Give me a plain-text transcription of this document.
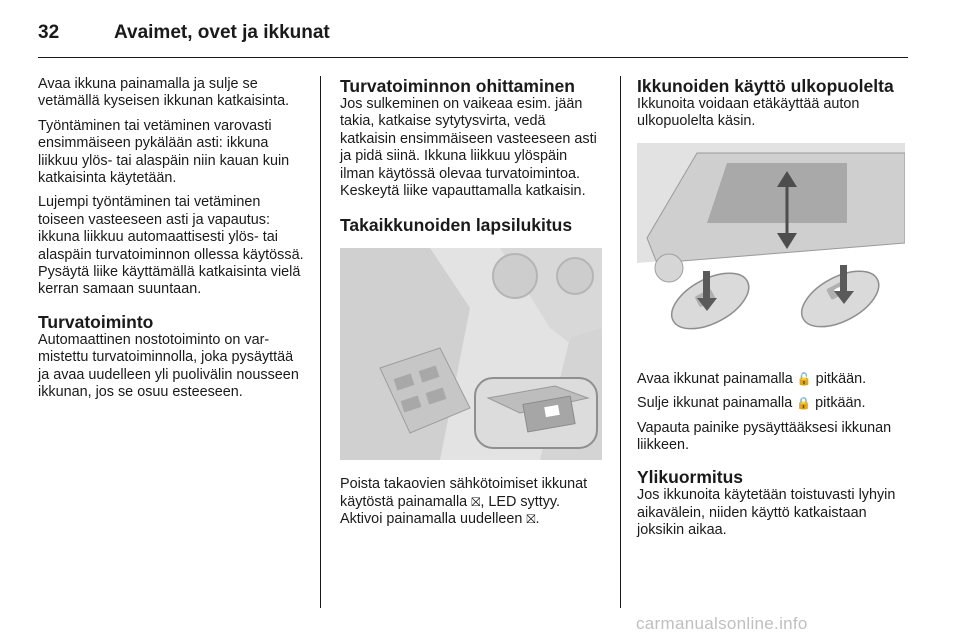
32	Avaimet, ovet ja ikkunat

Avaa ikkuna painamalla ja sulje se vetämällä kyseisen ikkunan katkaisinta.

Työntäminen tai vetäminen varovasti ensimmäiseen pykälään asti: ikkuna liikkuu ylös- tai alaspäin niin kauan kuin katkaisinta käytetään.

Lujempi työntäminen tai vetäminen toiseen vasteeseen asti ja vapautus: ikkuna liikkuu automaattisesti ylös- tai alaspäin turvatoiminnon ollessa käytössä. Pysäytä liike käyttämällä katkaisinta vielä kerran samaan suuntaan.

Turvatoiminto

Automaattinen nostotoiminto on varmistettu turvatoiminnolla, joka pysäyttää ja avaa uudelleen yli puolivälin nousseen ikkunan, jos se osuu esteeseen.

Turvatoiminnon ohittaminen

Jos sulkeminen on vaikeaa esim. jään takia, katkaise sytytysvirta, vedä katkaisin ensimmäiseen vasteeseen asti ja pidä siinä. Ikkuna liikkuu ylöspäin ilman käytössä olevaa turvatoimintoa. Keskeytä liike vapauttamalla katkaisin.

Takaikkunoiden lapsilukitus

Poista takaovien sähkötoimiset ikkunat käytöstä painamalla ⛝, LED syttyy. Aktivoi painamalla uudelleen ⛝.

Ikkunoiden käyttö ulkopuolelta

Ikkunoita voidaan etäkäyttää auton ulkopuolelta käsin.

Avaa ikkunat painamalla 🔓 pitkään.

Sulje ikkunat painamalla 🔒 pitkään.

Vapauta painike pysäyttääksesi ikkunan liikkeen.

Ylikuormitus

Jos ikkunoita käytetään toistuvasti lyhyin aikavälein, niiden käyttö katkaistaan joksikin aikaa.

carmanualsonline.info
